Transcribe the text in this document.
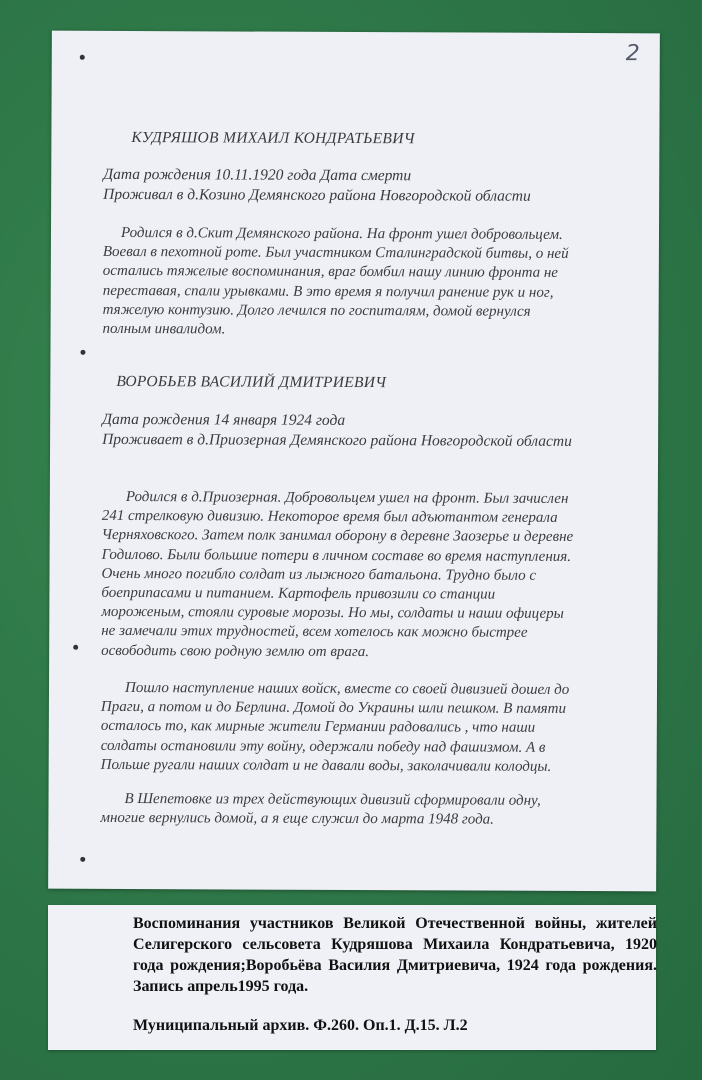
2
КУДРЯШОВ МИХАИЛ КОНДРАТЬЕВИЧ
Дата рождения 10.11.1920 года Дата смерти
Проживал в д.Козино Демянского района Новгородской области

Родился в д.Скит Демянского района. На фронт ушел добровольцем. Воевал в пехотной роте. Был участником Сталинградской битвы, о ней остались тяжелые воспоминания, враг бомбил нашу линию фронта не переставая, спали урывками. В это время я получил ранение рук и ног, тяжелую контузию. Долго лечился по госпиталям, домой вернулся полным инвалидом.

ВОРОБЬЕВ ВАСИЛИЙ ДМИТРИЕВИЧ
Дата рождения 14 января 1924 года

Проживает в д.Приозерная Демянского района Новгородской области

Родился в д.Приозерная. Добровольцем ушел на фронт. Был зачислен 241 стрелковую дивизию. Некоторое время был адъютантом генерала Черняховского. Затем полк занимал оборону в деревне Заозерье и деревне Годилово. Были большие потери в личном составе во время наступления. Очень много погибло солдат из лыжного батальона. Трудно было с боеприпасами и питанием. Картофель привозили со станции мороженым, стояли суровые морозы. Но мы, солдаты и наши офицеры не замечали этих трудностей, всем хотелось как можно быстрее освободить свою родную землю от врага.

Пошло наступление наших войск, вместе со своей дивизией дошел до Праги, а потом и до Берлина. Домой до Украины шли пешком. В памяти осталось то, как мирные жители Германии радовались , что наши солдаты остановили эту войну, одержали победу над фашизмом. А в Польше ругали наших солдат и не давали воды, заколачивали колодцы.

В Шепетовке из трех действующих дивизий сформировали одну, многие вернулись домой, а я еще служил до марта 1948 года.

Воспоминания участников Великой Отечественной войны, жителей Селигерского сельсовета Кудряшова Михаила Кондратьевича, 1920 года рождения;Воробьёва Василия Дмитриевича, 1924 года рождения. Запись апрель1995 года.

Муниципальный архив. Ф.260. Оп.1. Д.15. Л.2
